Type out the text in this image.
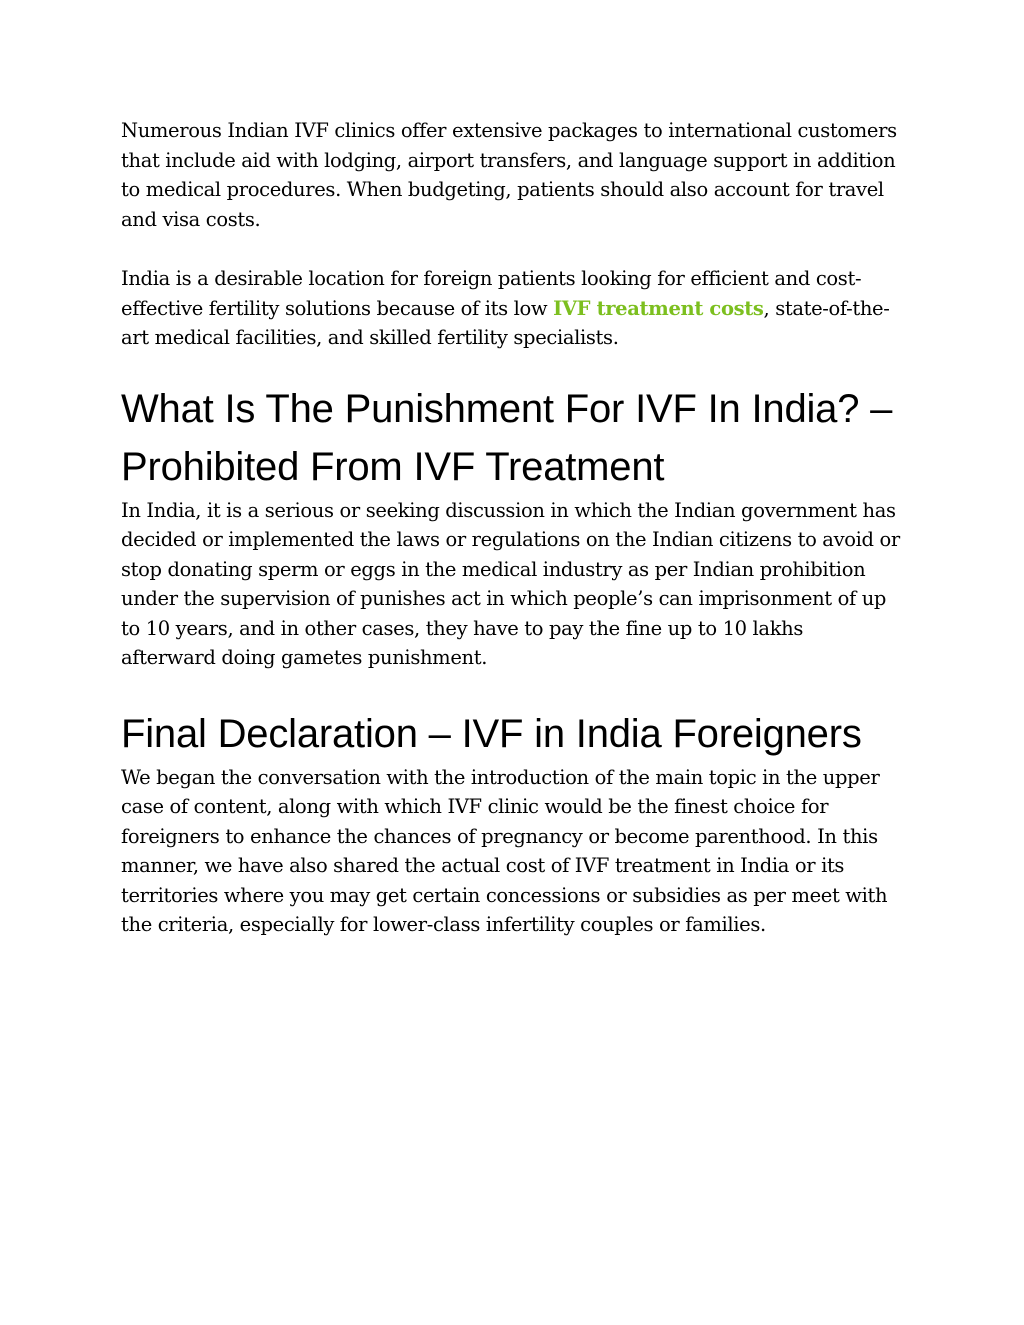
Numerous Indian IVF clinics offer extensive packages to international customers that include aid with lodging, airport transfers, and language support in addition to medical procedures. When budgeting, patients should also account for travel and visa costs.

India is a desirable location for foreign patients looking for efficient and cost-effective fertility solutions because of its low IVF treatment costs, state-of-the-art medical facilities, and skilled fertility specialists.

What Is The Punishment For IVF In India? – Prohibited From IVF Treatment

In India, it is a serious or seeking discussion in which the Indian government has decided or implemented the laws or regulations on the Indian citizens to avoid or stop donating sperm or eggs in the medical industry as per Indian prohibition under the supervision of punishes act in which people’s can imprisonment of up to 10 years, and in other cases, they have to pay the fine up to 10 lakhs afterward doing gametes punishment.

Final Declaration – IVF in India Foreigners

We began the conversation with the introduction of the main topic in the upper case of content, along with which IVF clinic would be the finest choice for foreigners to enhance the chances of pregnancy or become parenthood. In this manner, we have also shared the actual cost of IVF treatment in India or its territories where you may get certain concessions or subsidies as per meet with the criteria, especially for lower-class infertility couples or families.
